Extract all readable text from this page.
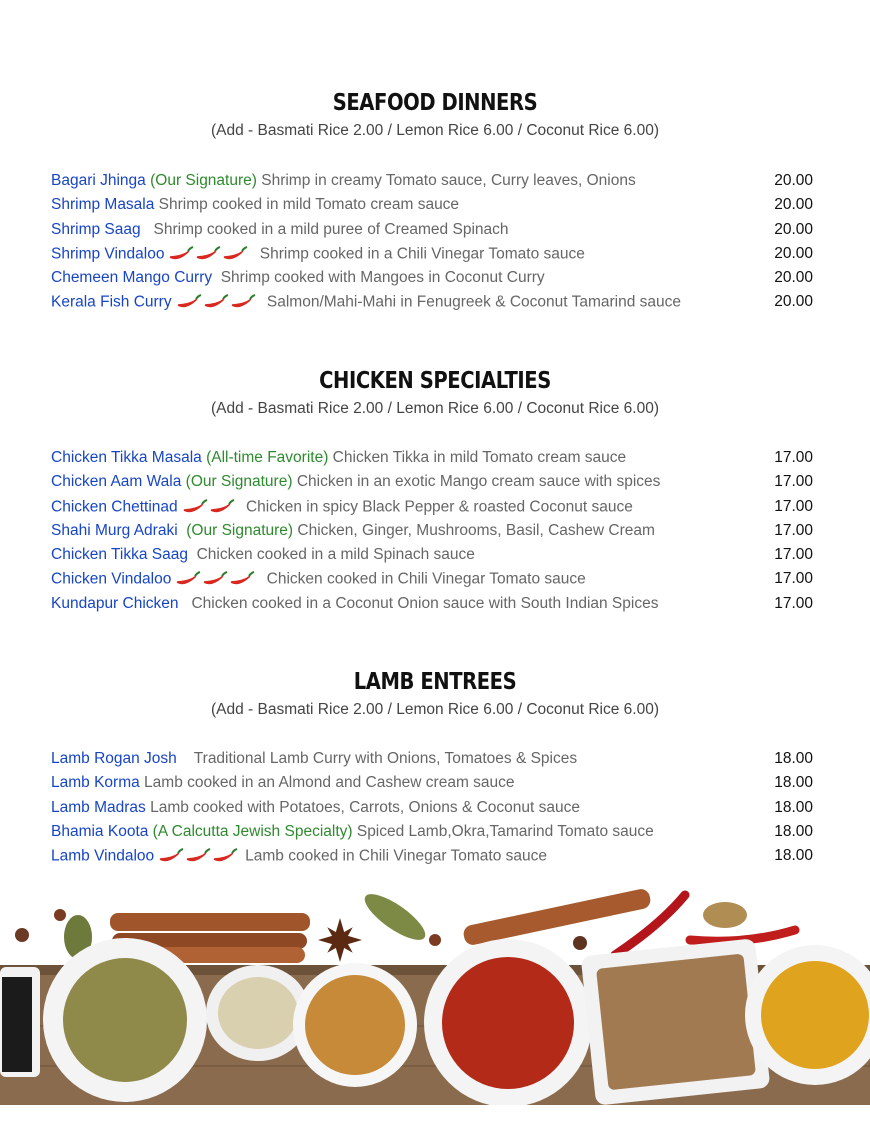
SEAFOOD DINNERS
(Add - Basmati Rice 2.00 / Lemon Rice 6.00 / Coconut Rice 6.00)
Bagari Jhinga (Our Signature) Shrimp in creamy Tomato sauce, Curry leaves, Onions	20.00
Shrimp Masala Shrimp cooked in mild Tomato cream sauce	20.00
Shrimp Saag   Shrimp cooked in a mild puree of Creamed Spinach	20.00
Shrimp Vindaloo	Shrimp cooked in a Chili Vinegar Tomato sauce	20.00
Chemeen Mango Curry  Shrimp cooked with Mangoes in Coconut Curry	20.00
Kerala Fish Curry	Salmon/Mahi-Mahi in Fenugreek & Coconut Tamarind sauce	20.00
CHICKEN SPECIALTIES
(Add - Basmati Rice 2.00 / Lemon Rice 6.00 / Coconut Rice 6.00)
Chicken Tikka Masala (All-time Favorite) Chicken Tikka in mild Tomato cream sauce	17.00
Chicken Aam Wala (Our Signature) Chicken in an exotic Mango cream sauce with spices	17.00
Chicken Chettinad	Chicken in spicy Black Pepper & roasted Coconut sauce	17.00
Shahi Murg Adraki  (Our Signature) Chicken, Ginger, Mushrooms, Basil, Cashew Cream	17.00
Chicken Tikka Saag  Chicken cooked in a mild Spinach sauce	17.00
Chicken Vindaloo	Chicken cooked in Chili Vinegar Tomato sauce	17.00
Kundapur Chicken   Chicken cooked in a Coconut Onion sauce with South Indian Spices	17.00
LAMB ENTREES
(Add - Basmati Rice 2.00 / Lemon Rice 6.00 / Coconut Rice 6.00)
Lamb Rogan Josh    Traditional Lamb Curry with Onions, Tomatoes & Spices	18.00
Lamb Korma Lamb cooked in an Almond and Cashew cream sauce	18.00
Lamb Madras Lamb cooked with Potatoes, Carrots, Onions & Coconut sauce	18.00
Bhamia Koota (A Calcutta Jewish Specialty) Spiced Lamb,Okra,Tamarind Tomato sauce	18.00
Lamb Vindaloo	Lamb cooked in Chili Vinegar Tomato sauce	18.00
